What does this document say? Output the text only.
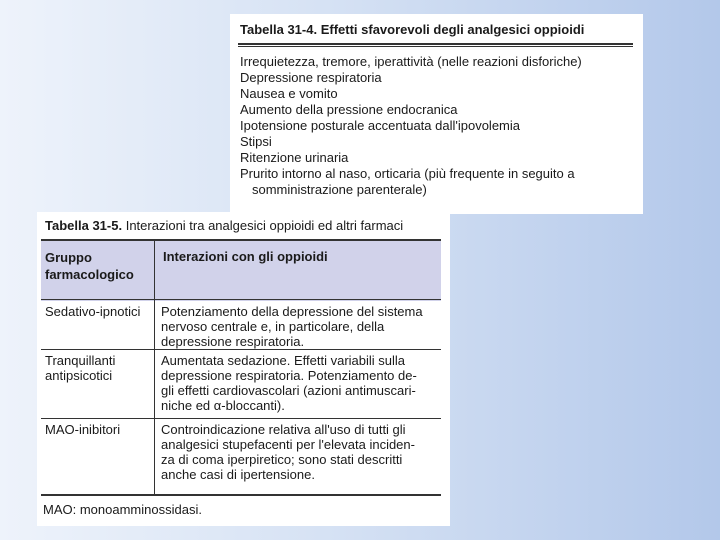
Tabella 31-4. Effetti sfavorevoli degli analgesici oppioidi
Irrequietezza, tremore, iperattività (nelle reazioni disforiche)
Depressione respiratoria
Nausea e vomito
Aumento della pressione endocranica
Ipotensione posturale accentuata dall'ipovolemia
Stipsi
Ritenzione urinaria
Prurito intorno al naso, orticaria (più frequente in seguito a
somministrazione parenterale)
Tabella 31-5. Interazioni tra analgesici oppioidi ed altri farmaci
Gruppo
farmacologico
Interazioni con gli oppioidi
Sedativo-ipnotici Potenziamento della depressione del sistema
nervoso centrale e, in particolare, della
depressione respiratoria.
Tranquillanti
antipsicotici
Aumentata sedazione. Effetti variabili sulla
depressione respiratoria. Potenziamento de-
gli effetti cardiovascolari (azioni antimuscari-
niche ed α-bloccanti).
MAO-inibitori	Controindicazione relativa all'uso di tutti gli
analgesici stupefacenti per l'elevata inciden-
za di coma iperpiretico; sono stati descritti
anche casi di ipertensione.
MAO: monoamminossidasi.
